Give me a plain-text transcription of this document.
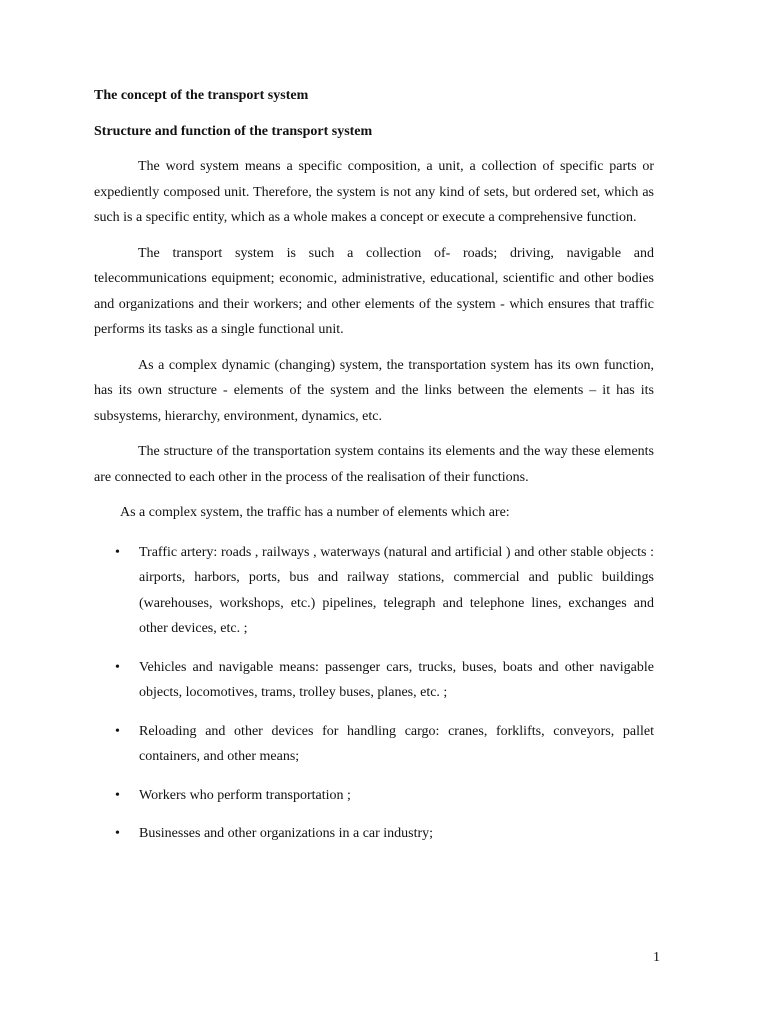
The concept of the transport system
Structure and function of the transport system

The word system means a specific composition, a unit, a collection of specific parts or expediently composed unit. Therefore, the system is not any kind of sets, but ordered set, which as such is a specific entity, which as a whole makes a concept or execute a comprehensive function.

The transport system is such a collection of- roads; driving, navigable and telecommunications equipment; economic, administrative, educational, scientific and other bodies and organizations and their workers; and other elements of the system - which ensures that traffic performs its tasks as a single functional unit.

As a complex dynamic (changing) system, the transportation system has its own function, has its own structure - elements of the system and the links between the elements – it has its subsystems, hierarchy, environment, dynamics, etc.

The structure of the transportation system contains its elements and the way these elements are connected to each other in the process of the realisation of their functions.

As a complex system, the traffic has a number of elements which are:

• Traffic artery: roads , railways , waterways (natural and artificial ) and other stable objects : airports, harbors, ports, bus and railway stations, commercial and public buildings (warehouses, workshops, etc.) pipelines, telegraph and telephone lines, exchanges and other devices, etc. ;
• Vehicles and navigable means: passenger cars, trucks, buses, boats and other navigable objects, locomotives, trams, trolley buses, planes, etc. ;
• Reloading and other devices for handling cargo: cranes, forklifts, conveyors, pallet containers, and other means;
• Workers who perform transportation ;
• Businesses and other organizations in a car industry;
1
